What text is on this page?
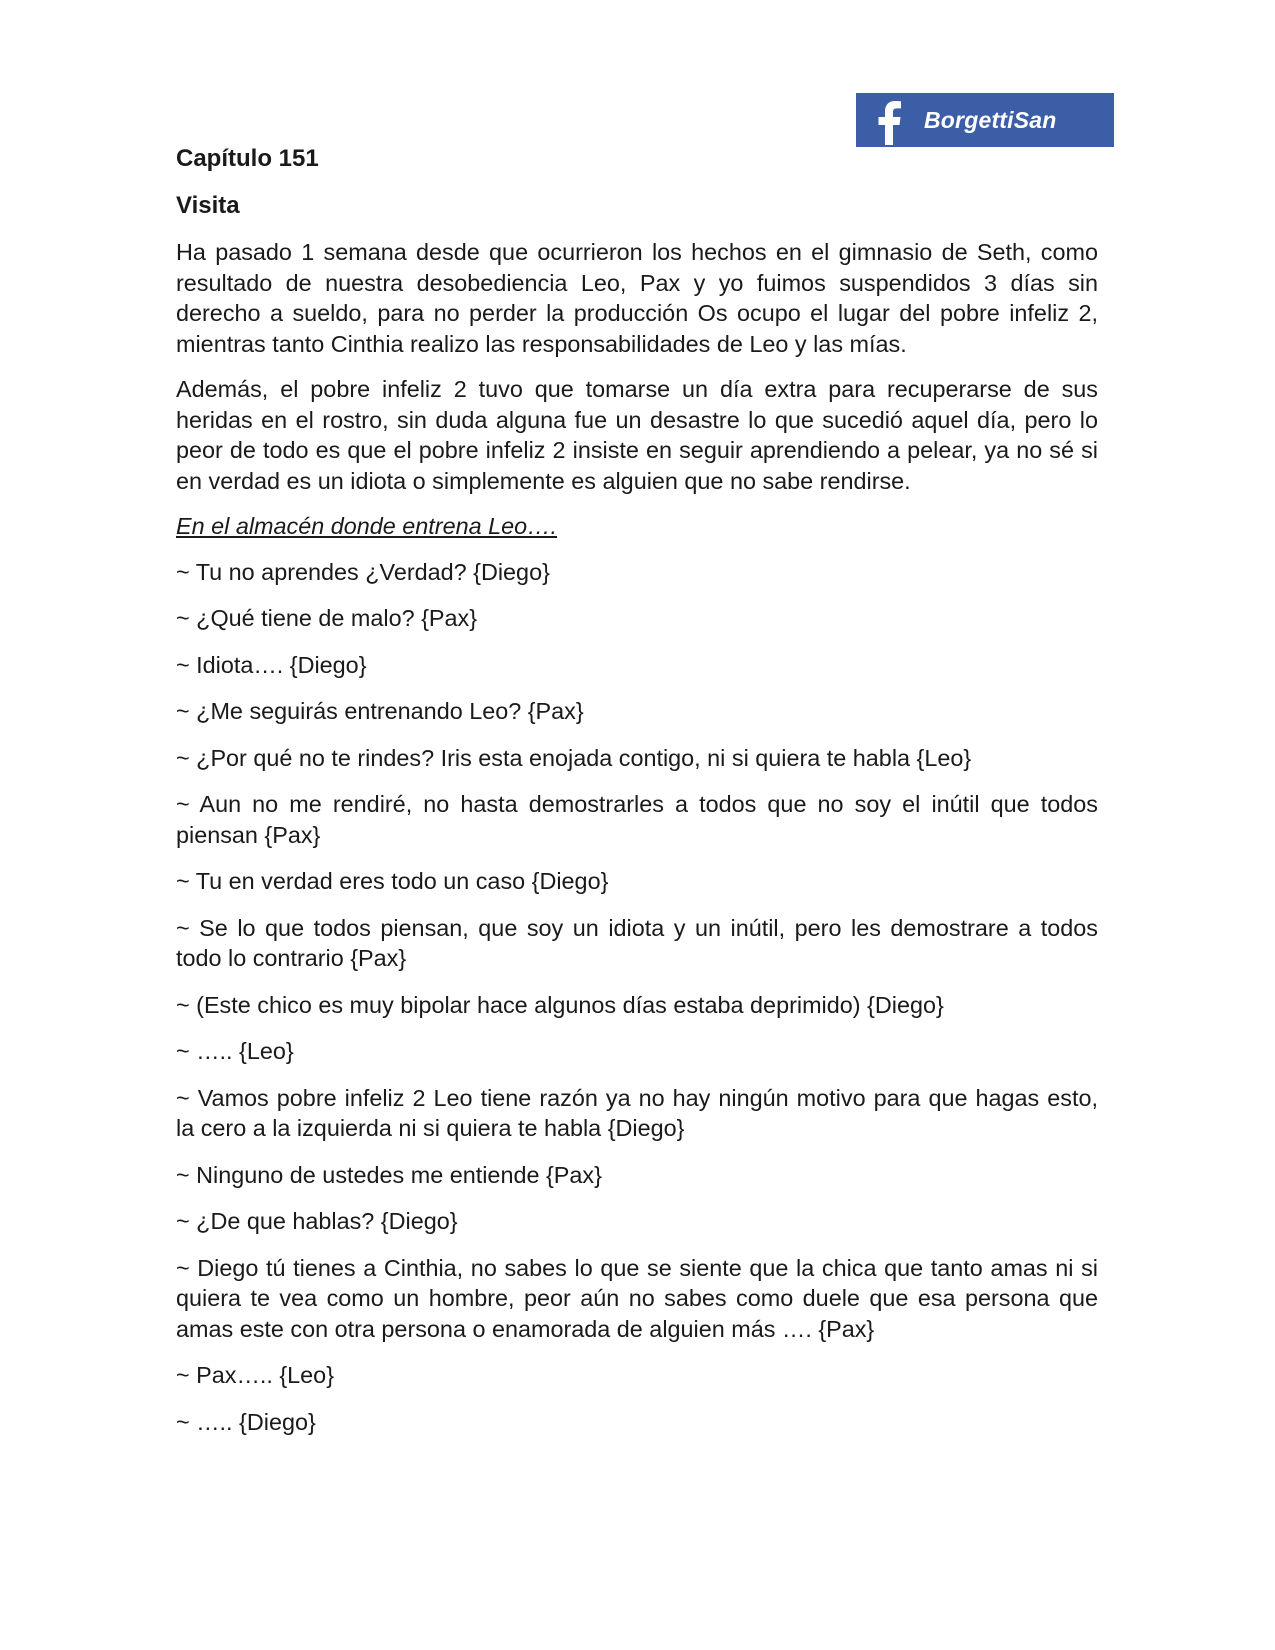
BorgettiSan
Capítulo 151
Visita

Ha pasado 1 semana desde que ocurrieron los hechos en el gimnasio de Seth, como resultado de nuestra desobediencia Leo, Pax y yo fuimos suspendidos 3 días sin derecho a sueldo, para no perder la producción Os ocupo el lugar del pobre infeliz 2, mientras tanto Cinthia realizo las responsabilidades de Leo y las mías.

Además, el pobre infeliz 2 tuvo que tomarse un día extra para recuperarse de sus heridas en el rostro, sin duda alguna fue un desastre lo que sucedió aquel día, pero lo peor de todo es que el pobre infeliz 2 insiste en seguir aprendiendo a pelear, ya no sé si en verdad es un idiota o simplemente es alguien que no sabe rendirse.

En el almacén donde entrena Leo….

~ Tu no aprendes ¿Verdad? {Diego}

~ ¿Qué tiene de malo? {Pax}

~ Idiota…. {Diego}

~ ¿Me seguirás entrenando Leo? {Pax}

~ ¿Por qué no te rindes? Iris esta enojada contigo, ni si quiera te habla {Leo}

~ Aun no me rendiré, no hasta demostrarles a todos que no soy el inútil que todos piensan {Pax}

~ Tu en verdad eres todo un caso {Diego}

~ Se lo que todos piensan, que soy un idiota y un inútil, pero les demostrare a todos todo lo contrario {Pax}

~ (Este chico es muy bipolar hace algunos días estaba deprimido) {Diego}

~ ….. {Leo}

~ Vamos pobre infeliz 2 Leo tiene razón ya no hay ningún motivo para que hagas esto, la cero a la izquierda ni si quiera te habla {Diego}

~ Ninguno de ustedes me entiende {Pax}

~ ¿De que hablas? {Diego}

~ Diego tú tienes a Cinthia, no sabes lo que se siente que la chica que tanto amas ni si quiera te vea como un hombre, peor aún no sabes como duele que esa persona que amas este con otra persona o enamorada de alguien más …. {Pax}

~ Pax….. {Leo}

~ ….. {Diego}
